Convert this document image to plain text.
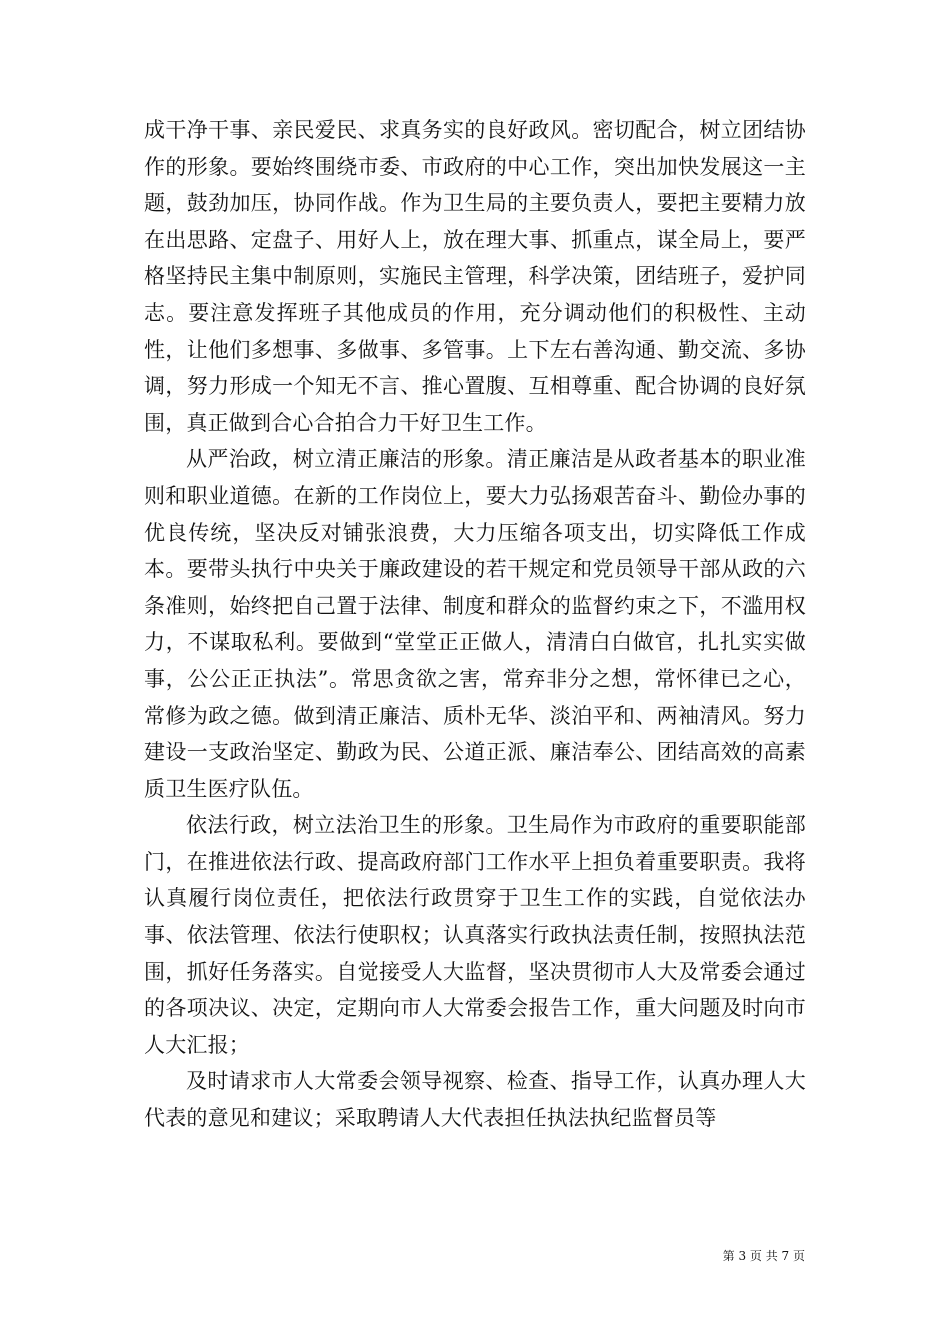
成干净干事、亲民爱民、求真务实的良好政风。密切配合，树立团结协作的形象。要始终围绕市委、市政府的中心工作，突出加快发展这一主题，鼓劲加压，协同作战。作为卫生局的主要负责人，要把主要精力放在出思路、定盘子、用好人上，放在理大事、抓重点，谋全局上，要严格坚持民主集中制原则，实施民主管理，科学决策，团结班子，爱护同志。要注意发挥班子其他成员的作用，充分调动他们的积极性、主动性，让他们多想事、多做事、多管事。上下左右善沟通、勤交流、多协调，努力形成一个知无不言、推心置腹、互相尊重、配合协调的良好氛围，真正做到合心合拍合力干好卫生工作。

从严治政，树立清正廉洁的形象。清正廉洁是从政者基本的职业准则和职业道德。在新的工作岗位上，要大力弘扬艰苦奋斗、勤俭办事的优良传统，坚决反对铺张浪费，大力压缩各项支出，切实降低工作成本。要带头执行中央关于廉政建设的若干规定和党员领导干部从政的六条准则，始终把自己置于法律、制度和群众的监督约束之下，不滥用权力，不谋取私利。要做到“堂堂正正做人，清清白白做官，扎扎实实做事，公公正正执法”。常思贪欲之害，常弃非分之想，常怀律已之心，常修为政之德。做到清正廉洁、质朴无华、淡泊平和、两袖清风。努力建设一支政治坚定、勤政为民、公道正派、廉洁奉公、团结高效的高素质卫生医疗队伍。

依法行政，树立法治卫生的形象。卫生局作为市政府的重要职能部门，在推进依法行政、提高政府部门工作水平上担负着重要职责。我将认真履行岗位责任，把依法行政贯穿于卫生工作的实践，自觉依法办事、依法管理、依法行使职权；认真落实行政执法责任制，按照执法范围，抓好任务落实。自觉接受人大监督，坚决贯彻市人大及常委会通过的各项决议、决定，定期向市人大常委会报告工作，重大问题及时向市人大汇报；

及时请求市人大常委会领导视察、检查、指导工作，认真办理人大代表的意见和建议；采取聘请人大代表担任执法执纪监督员等

第 3 页 共 7 页
